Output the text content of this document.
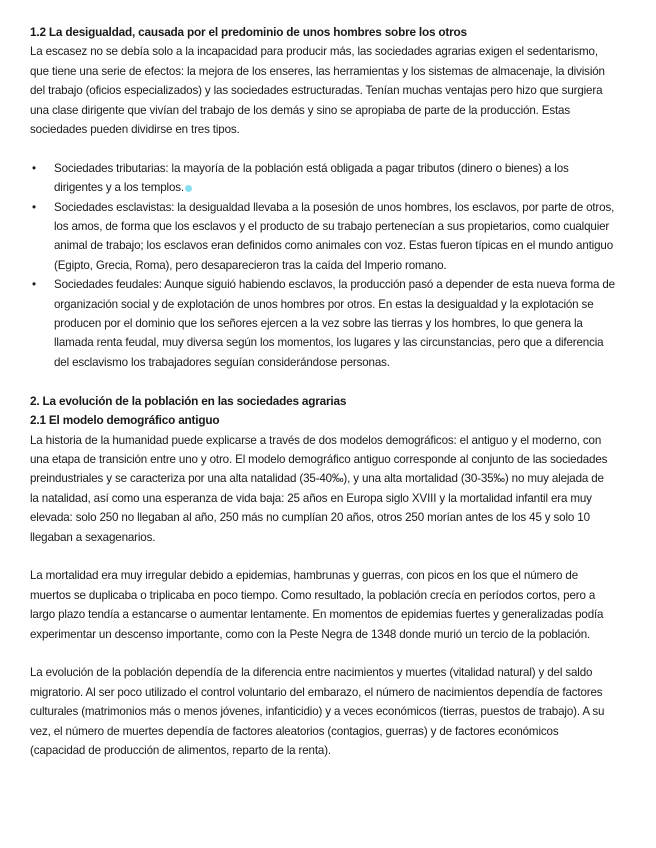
1.2 La desigualdad, causada por el predominio de unos hombres sobre los otros

La escasez no se debía solo a la incapacidad para producir más, las sociedades agrarias exigen el sedentarismo, que tiene una serie de efectos: la mejora de los enseres, las herramientas y los sistemas de almacenaje, la división del trabajo (oficios especializados) y las sociedades estructuradas. Tenían muchas ventajas pero hizo que surgiera una clase dirigente que vivían del trabajo de los demás y sino se apropiaba de parte de la producción. Estas sociedades pueden dividirse en tres tipos.

• Sociedades tributarias: la mayoría de la población está obligada a pagar tributos (dinero o bienes) a los dirigentes y a los templos.
• Sociedades esclavistas: la desigualdad llevaba a la posesión de unos hombres, los esclavos, por parte de otros, los amos, de forma que los esclavos y el producto de su trabajo pertenecían a sus propietarios, como cualquier animal de trabajo; los esclavos eran definidos como animales con voz. Estas fueron típicas en el mundo antiguo (Egipto, Grecia, Roma), pero desaparecieron tras la caída del Imperio romano.
• Sociedades feudales: Aunque siguió habiendo esclavos, la producción pasó a depender de esta nueva forma de organización social y de explotación de unos hombres por otros. En estas la desigualdad y la explotación se producen por el dominio que los señores ejercen a la vez sobre las tierras y los hombres, lo que genera la llamada renta feudal, muy diversa según los momentos, los lugares y las circunstancias, pero que a diferencia del esclavismo los trabajadores seguían considerándose personas.
2. La evolución de la población en las sociedades agrarias
2.1 El modelo demográfico antiguo

La historia de la humanidad puede explicarse a través de dos modelos demográficos: el antiguo y el moderno, con una etapa de transición entre uno y otro. El modelo demográfico antiguo corresponde al conjunto de las sociedades preindustriales y se caracteriza por una alta natalidad (35-40‰), y una alta mortalidad (30-35‰) no muy alejada de la natalidad, así como una esperanza de vida baja: 25 años en Europa siglo XVIII y la mortalidad infantil era muy elevada: solo 250 no llegaban al año, 250 más no cumplían 20 años, otros 250 morían antes de los 45 y solo 10 llegaban a sexagenarios.

La mortalidad era muy irregular debido a epidemias, hambrunas y guerras, con picos en los que el número de muertos se duplicaba o triplicaba en poco tiempo. Como resultado, la población crecía en períodos cortos, pero a largo plazo tendía a estancarse o aumentar lentamente. En momentos de epidemias fuertes y generalizadas podía experimentar un descenso importante, como con la Peste Negra de 1348 donde murió un tercio de la población.

La evolución de la población dependía de la diferencia entre nacimientos y muertes (vitalidad natural) y del saldo migratorio. Al ser poco utilizado el control voluntario del embarazo, el número de nacimientos dependía de factores culturales (matrimonios más o menos jóvenes, infanticidio) y a veces económicos (tierras, puestos de trabajo). A su vez, el número de muertes dependía de factores aleatorios (contagios, guerras) y de factores económicos (capacidad de producción de alimentos, reparto de la renta).
